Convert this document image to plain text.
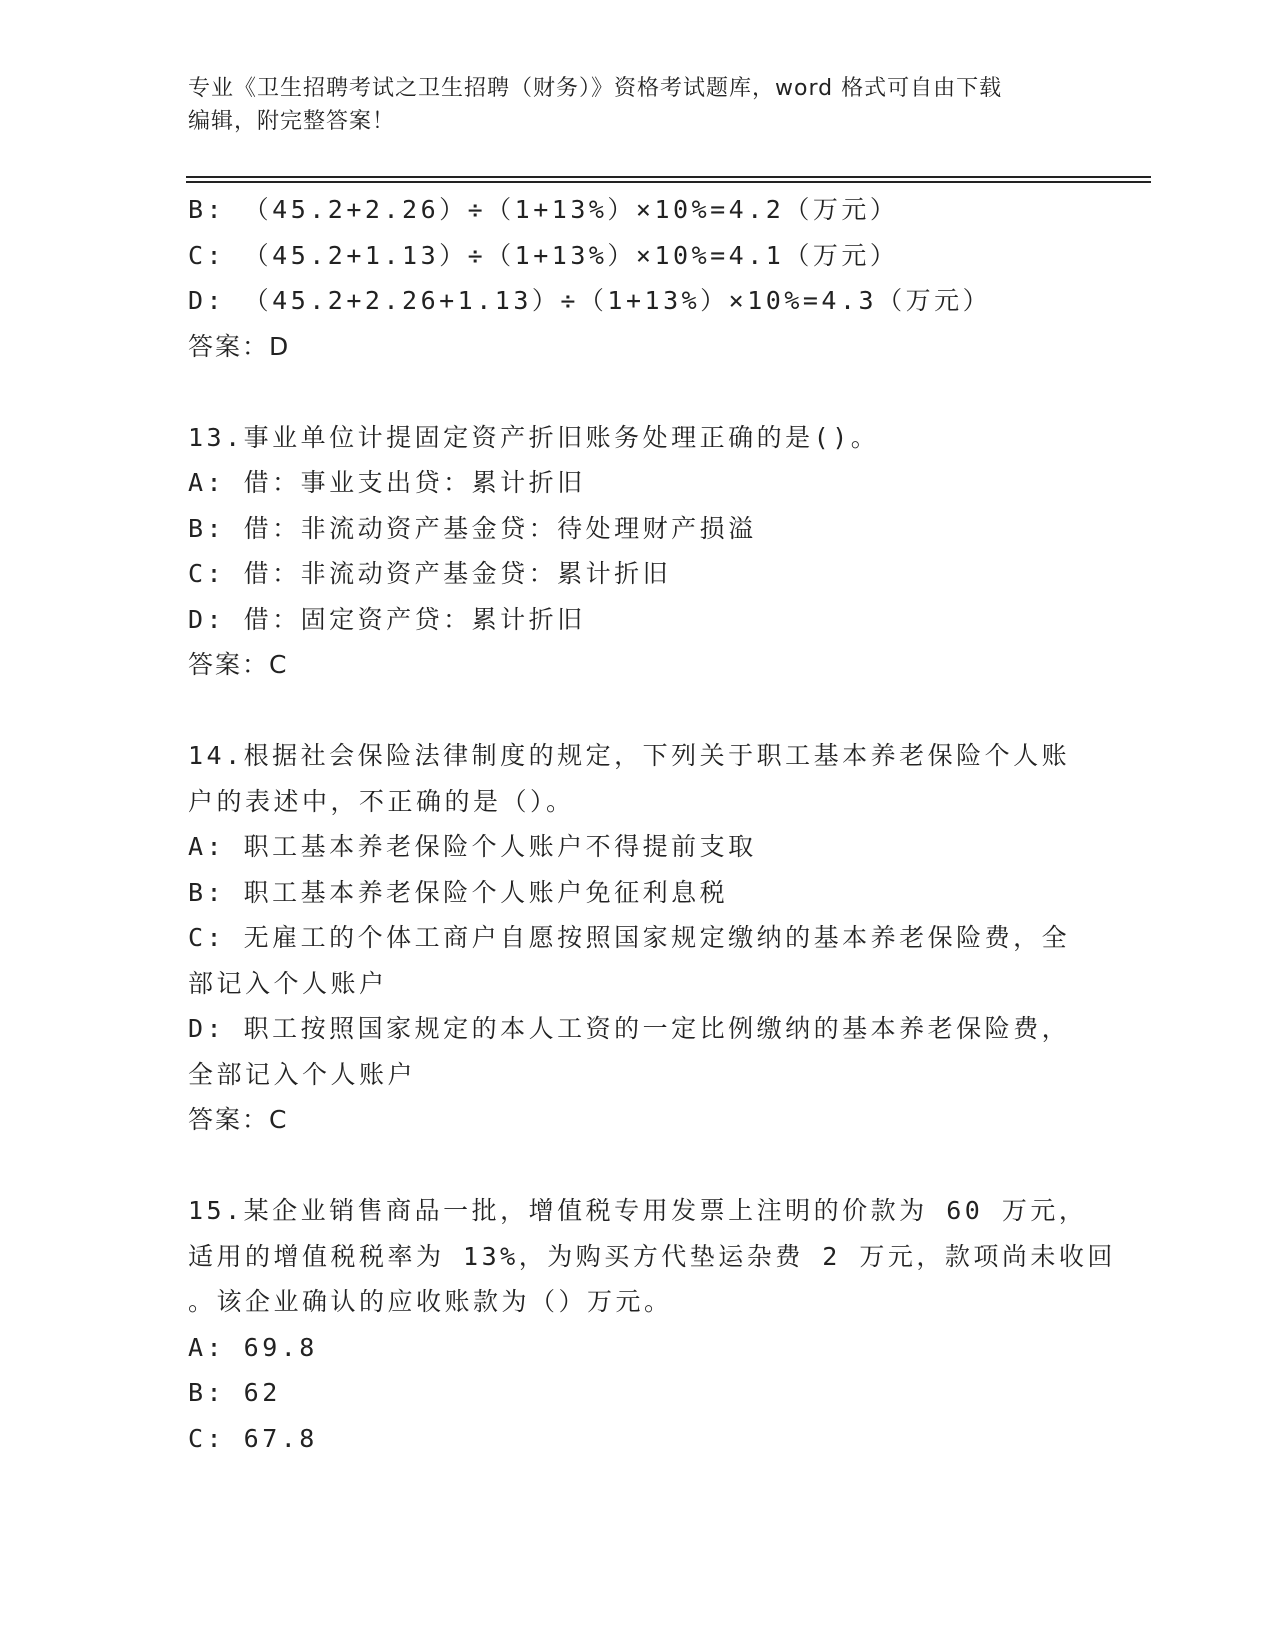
专业《卫生招聘考试之卫生招聘（财务）》资格考试题库，word 格式可自由下载
编辑，附完整答案！
B: （45.2+2.26）÷（1+13%）×10%=4.2（万元）
C: （45.2+1.13）÷（1+13%）×10%=4.1（万元）
D: （45.2+2.26+1.13）÷（1+13%）×10%=4.3（万元）
答案：D
13.事业单位计提固定资产折旧账务处理正确的是()。
A: 借：事业支出贷：累计折旧
B: 借：非流动资产基金贷：待处理财产损溢
C: 借：非流动资产基金贷：累计折旧
D: 借：固定资产贷：累计折旧
答案：C
14.根据社会保险法律制度的规定，下列关于职工基本养老保险个人账
户的表述中，不正确的是（）。
A: 职工基本养老保险个人账户不得提前支取
B: 职工基本养老保险个人账户免征利息税
C: 无雇工的个体工商户自愿按照国家规定缴纳的基本养老保险费，全
部记入个人账户
D: 职工按照国家规定的本人工资的一定比例缴纳的基本养老保险费，
全部记入个人账户
答案：C
15.某企业销售商品一批，增值税专用发票上注明的价款为 60 万元，
适用的增值税税率为 13%，为购买方代垫运杂费 2 万元，款项尚未收回
。该企业确认的应收账款为（）万元。
A: 69.8
B: 62
C: 67.8
